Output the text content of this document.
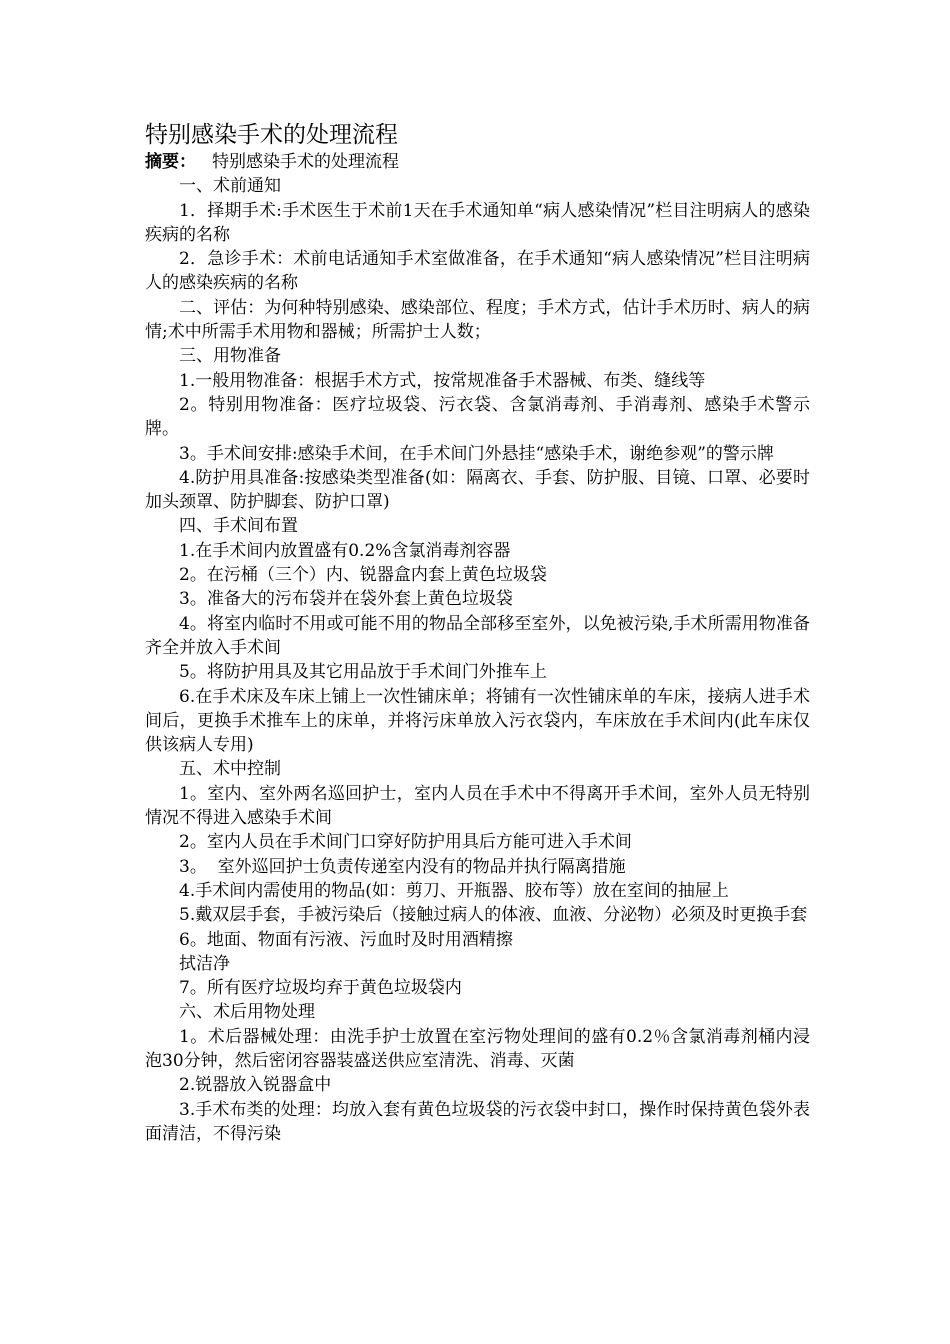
特别感染手术的处理流程
摘要： 特别感染手术的处理流程

一、术前通知

1．择期手术:手术医生于术前1天在手术通知单“病人感染情况”栏目注明病人的感染疾病的名称

2．急诊手术：术前电话通知手术室做准备，在手术通知“病人感染情况”栏目注明病人的感染疾病的名称

二、评估：为何种特别感染、感染部位、程度；手术方式，估计手术历时、病人的病情;术中所需手术用物和器械；所需护士人数；

三、用物准备

1.一般用物准备：根据手术方式，按常规准备手术器械、布类、缝线等

2。特别用物准备：医疗垃圾袋、污衣袋、含氯消毒剂、手消毒剂、感染手术警示牌。

3。手术间安排:感染手术间，在手术间门外悬挂“感染手术，谢绝参观”的警示牌

4.防护用具准备:按感染类型准备(如：隔离衣、手套、防护服、目镜、口罩、必要时加头颈罩、防护脚套、防护口罩)

四、手术间布置

1.在手术间内放置盛有0.2%含氯消毒剂容器

2。在污桶（三个）内、锐器盒内套上黄色垃圾袋

3。准备大的污布袋并在袋外套上黄色垃圾袋

4。将室内临时不用或可能不用的物品全部移至室外，以免被污染,手术所需用物准备齐全并放入手术间

5。将防护用具及其它用品放于手术间门外推车上

6.在手术床及车床上铺上一次性铺床单；将铺有一次性铺床单的车床，接病人进手术间后，更换手术推车上的床单，并将污床单放入污衣袋内，车床放在手术间内(此车床仅供该病人专用)

五、术中控制

1。室内、室外两名巡回护士，室内人员在手术中不得离开手术间，室外人员无特别情况不得进入感染手术间

2。室内人员在手术间门口穿好防护用具后方能可进入手术间

3。  室外巡回护士负责传递室内没有的物品并执行隔离措施

4.手术间内需使用的物品(如：剪刀、开瓶器、胶布等）放在室间的抽屉上

5.戴双层手套，手被污染后（接触过病人的体液、血液、分泌物）必须及时更换手套

6。地面、物面有污液、污血时及时用酒精擦

拭洁净

7。所有医疗垃圾均弃于黄色垃圾袋内

六、术后用物处理

1。术后器械处理：由洗手护士放置在室污物处理间的盛有0.2％含氯消毒剂桶内浸泡30分钟，然后密闭容器装盛送供应室清洗、消毒、灭菌

2.锐器放入锐器盒中

3.手术布类的处理：均放入套有黄色垃圾袋的污衣袋中封口，操作时保持黄色袋外表面清洁，不得污染
